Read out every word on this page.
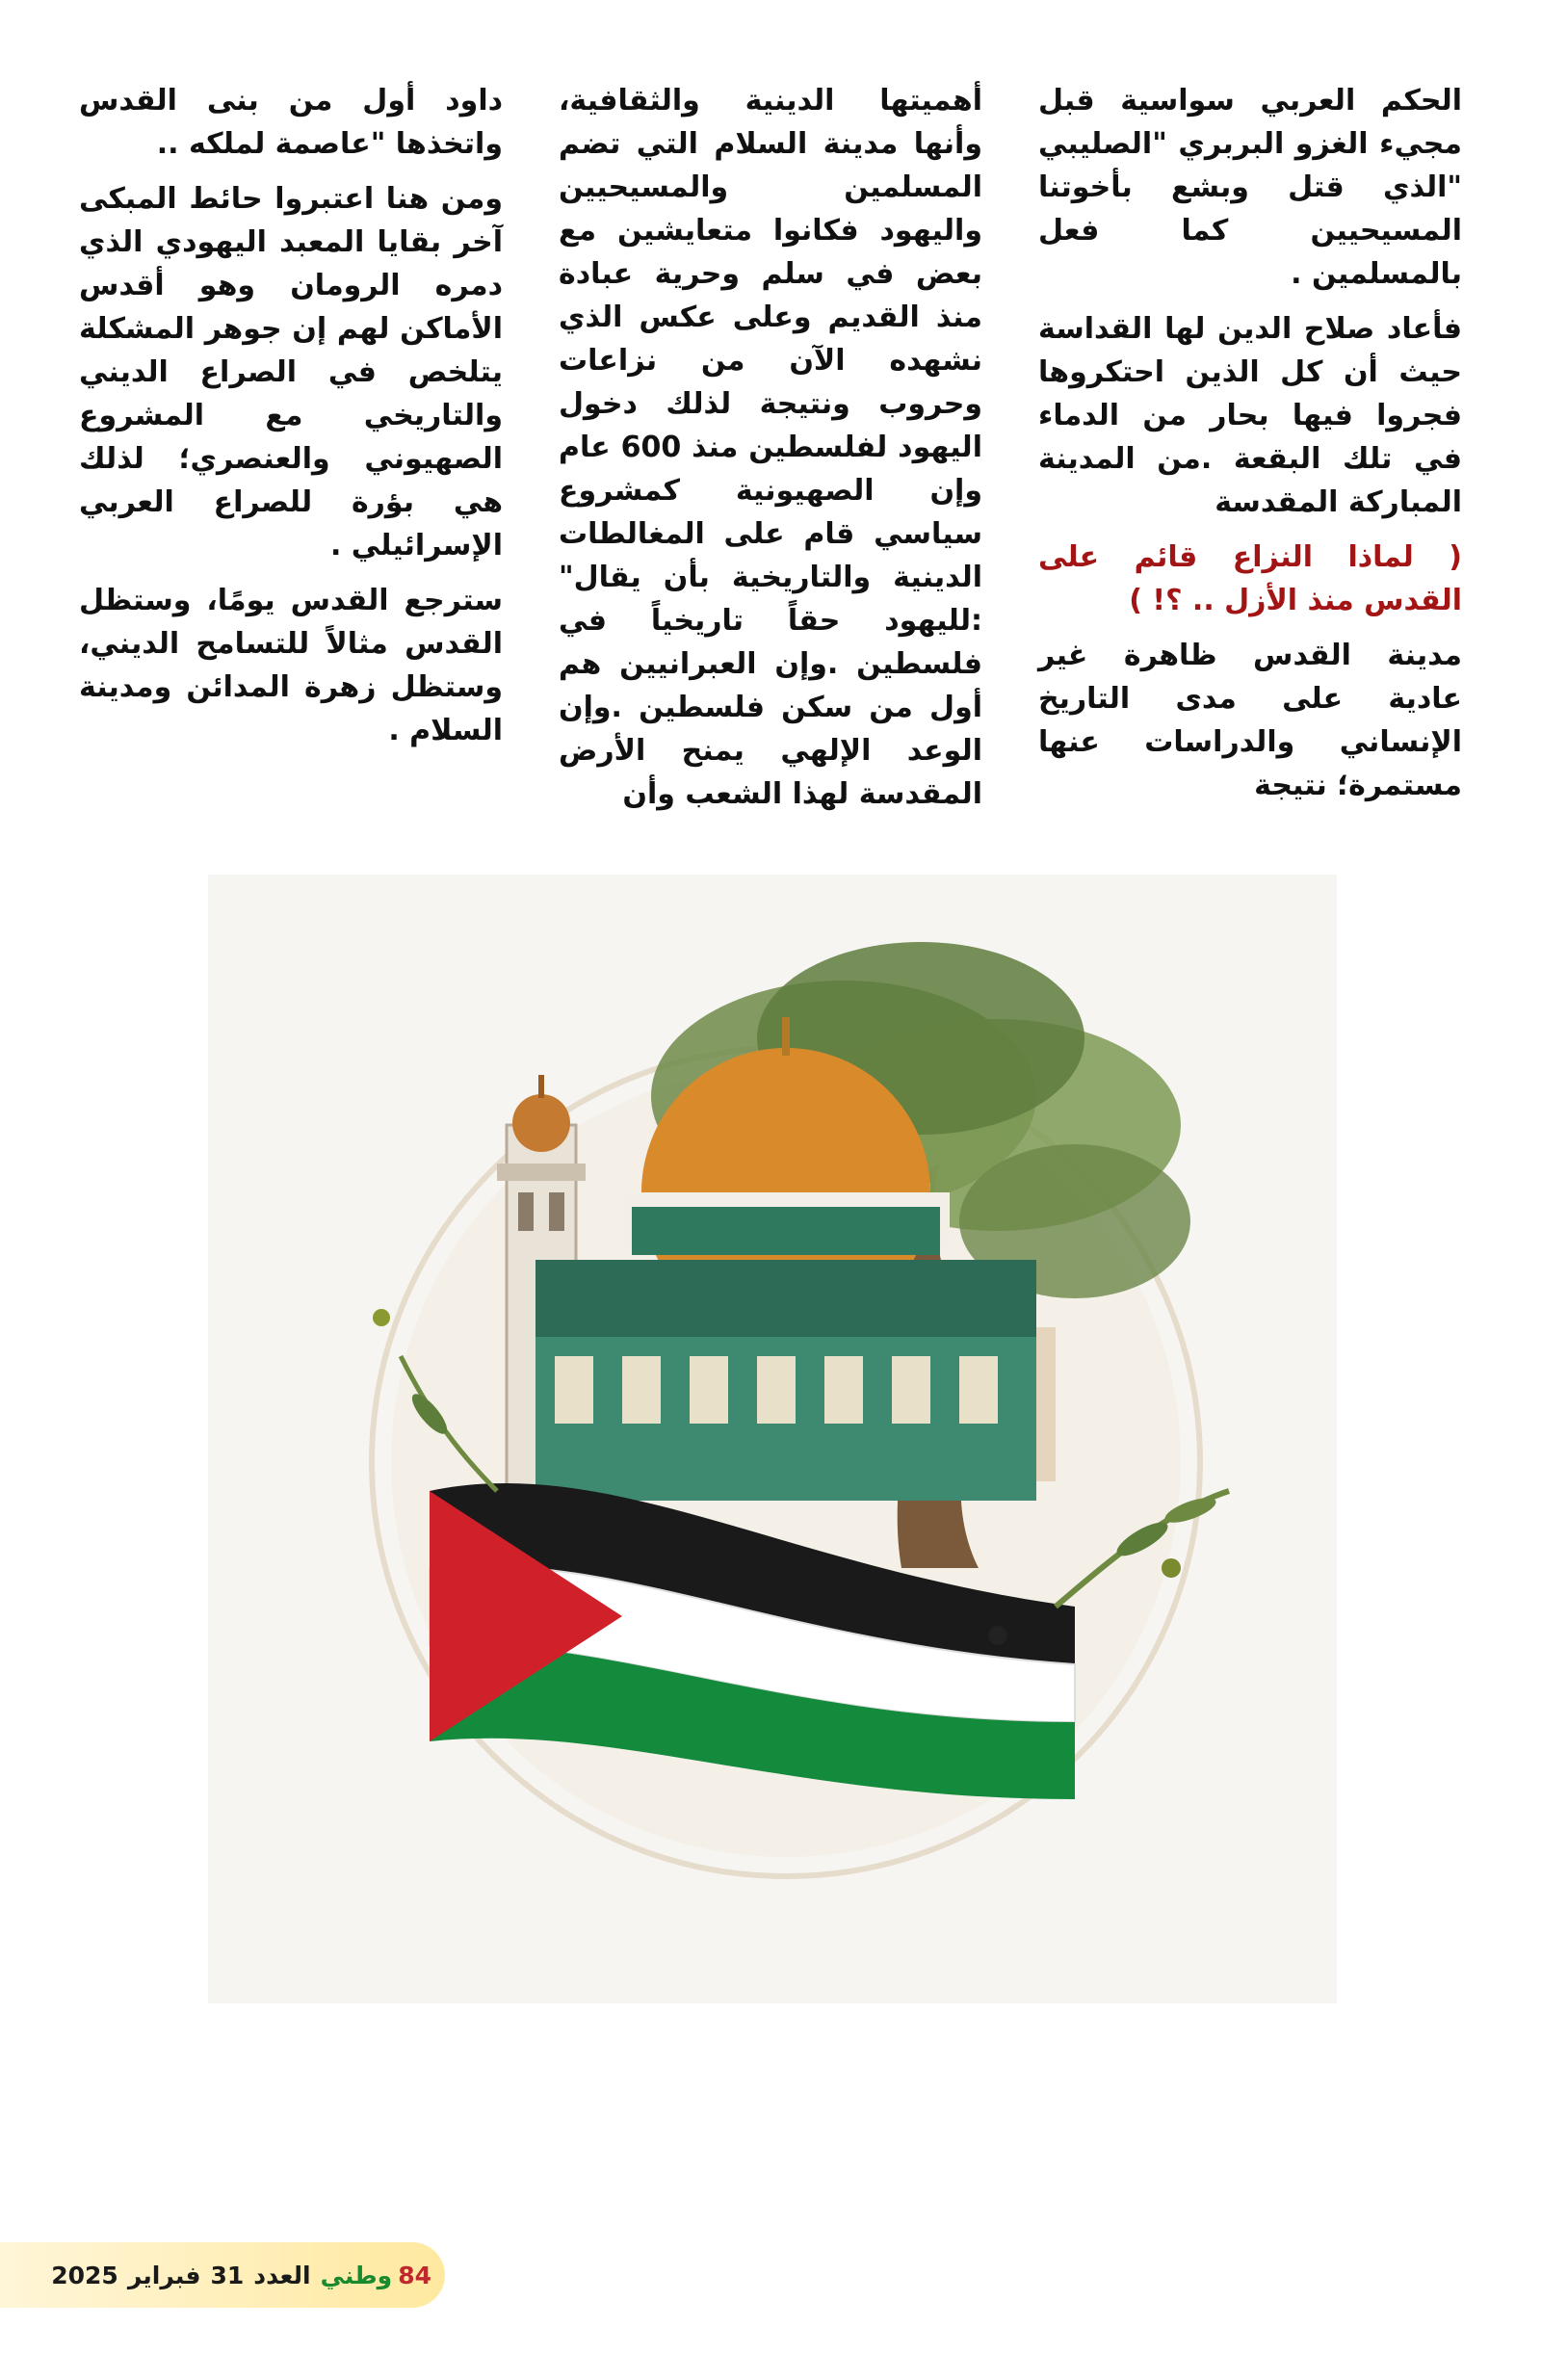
الحكم العربي سواسية قبل مجيء الغزو البربري "الصليبي "الذي قتل وبشع بأخوتنا المسيحيين كما فعل بالمسلمين .

فأعاد صلاح الدين لها القداسة حيث أن كل الذين احتكروها فجروا فيها بحار من الدماء في تلك البقعة .من المدينة المباركة المقدسة

( لماذا النزاع قائم على القدس منذ الأزل .. ؟! )

مدينة القدس ظاهرة غير عادية على مدى التاريخ الإنساني والدراسات عنها مستمرة؛ نتيجة

أهميتها الدينية والثقافية، وأنها مدينة السلام التي تضم المسلمين والمسيحيين واليهود فكانوا متعايشين مع بعض في سلم وحرية عبادة منذ القديم وعلى عكس الذي نشهده الآن من نزاعات وحروب ونتيجة لذلك دخول اليهود لفلسطين منذ 600 عام وإن الصهيونية كمشروع سياسي قام على المغالطات الدينية والتاريخية بأن يقال" :لليهود حقاً تاريخياً في فلسطين .وإن العبرانيين هم أول من سكن فلسطين .وإن الوعد الإلهي يمنح الأرض المقدسة لهذا الشعب وأن

داود أول من بنى القدس واتخذها "عاصمة لملكه ..

ومن هنا اعتبروا حائط المبكى آخر بقايا المعبد اليهودي الذي دمره الرومان وهو أقدس الأماكن لهم إن جوهر المشكلة يتلخص في الصراع الديني والتاريخي مع المشروع الصهيوني والعنصري؛ لذلك هي بؤرة للصراع العربي الإسرائيلي .

سترجع القدس يومًا، وستظل القدس مثالاً للتسامح الديني، وستظل زهرة المدائن ومدينة السلام .

2025 فبراير 31 العدد وطني 84
